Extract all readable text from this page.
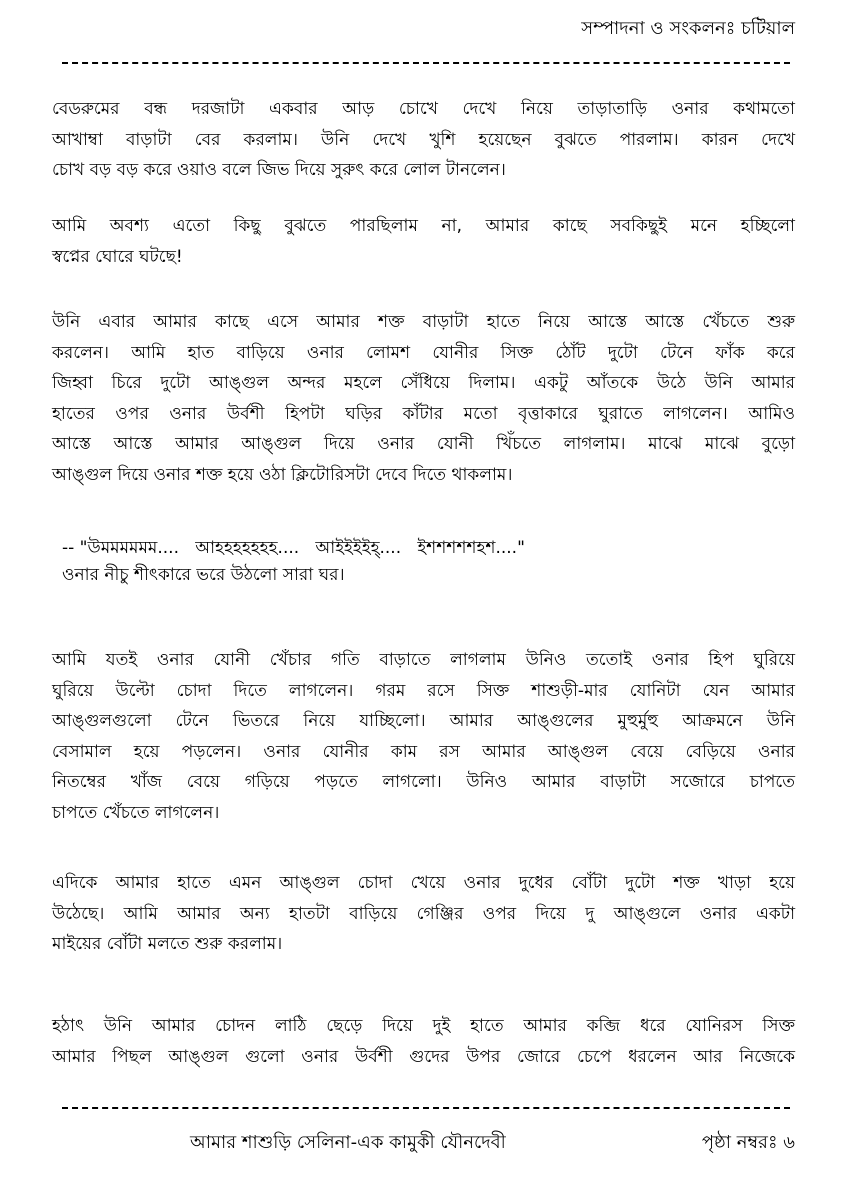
সম্পাদনা ও সংকলনঃ চটিয়াল
বেডরুমের বন্ধ দরজাটা একবার আড় চোখে দেখে নিয়ে তাড়াতাড়ি ওনার কথামতো
আখাম্বা বাড়াটা বের করলাম। উনি দেখে খুশি হয়েছেন বুঝতে পারলাম। কারন দেখে
চোখ বড় বড় করে ওয়াও বলে জিভ দিয়ে সুরুৎ করে লোল টানলেন।
আমি অবশ্য এতো কিছু বুঝতে পারছিলাম না, আমার কাছে সবকিছুই মনে হচ্ছিলো
স্বপ্নের ঘোরে ঘটছে!
উনি এবার আমার কাছে এসে আমার শক্ত বাড়াটা হাতে নিয়ে আস্তে আস্তে খেঁচতে শুরু
করলেন। আমি হাত বাড়িয়ে ওনার লোমশ যোনীর সিক্ত ঠোঁট দুটো টেনে ফাঁক করে
জিহ্বা চিরে দুটো আঙ্গুল অন্দর মহলে সেঁধিয়ে দিলাম। একটু আঁতকে উঠে উনি আমার
হাতের ওপর ওনার উর্বশী হিপটা ঘড়ির কাঁটার মতো বৃত্তাকারে ঘুরাতে লাগলেন। আমিও
আস্তে আস্তে আমার আঙ্গুল দিয়ে ওনার যোনী খিঁচতে লাগলাম। মাঝে মাঝে বুড়ো
আঙ্গুল দিয়ে ওনার শক্ত হয়ে ওঠা ক্লিটোরিসটা দেবে দিতে থাকলাম।
-- "উমমমমমম....   আহহহহহহহ....   আইইইইহ্....   ইশশশশশহশ...."
ওনার নীচু শীৎকারে ভরে উঠলো সারা ঘর।
আমি যতই ওনার যোনী খেঁচার গতি বাড়াতে লাগলাম উনিও ততোই ওনার হিপ ঘুরিয়ে
ঘুরিয়ে উল্টো চোদা দিতে লাগলেন। গরম রসে সিক্ত শাশুড়ী-মার যোনিটা যেন আমার
আঙ্গুলগুলো টেনে ভিতরে নিয়ে যাচ্ছিলো। আমার আঙ্গুলের মুহুর্মুহু আক্রমনে উনি
বেসামাল হয়ে পড়লেন। ওনার যোনীর কাম রস আমার আঙ্গুল বেয়ে বেড়িয়ে ওনার
নিতম্বের খাঁজ বেয়ে গড়িয়ে পড়তে লাগলো। উনিও আমার বাড়াটা সজোরে চাপতে
চাপতে খেঁচতে লাগলেন।
এদিকে আমার হাতে এমন আঙ্গুল চোদা খেয়ে ওনার দুধের বোঁটা দুটো শক্ত খাড়া হয়ে
উঠেছে। আমি আমার অন্য হাতটা বাড়িয়ে গেঞ্জির ওপর দিয়ে দু আঙ্গুলে ওনার একটা
মাইয়ের বোঁটা মলতে শুরু করলাম।
হঠাৎ উনি আমার চোদন লাঠি ছেড়ে দিয়ে দুই হাতে আমার কব্জি ধরে যোনিরস সিক্ত
আমার পিছল আঙ্গুল গুলো ওনার উর্বশী গুদের উপর জোরে চেপে ধরলেন আর নিজেকে
আমার শাশুড়ি সেলিনা-এক কামুকী যৌনদেবী	পৃষ্ঠা নম্বরঃ ৬
